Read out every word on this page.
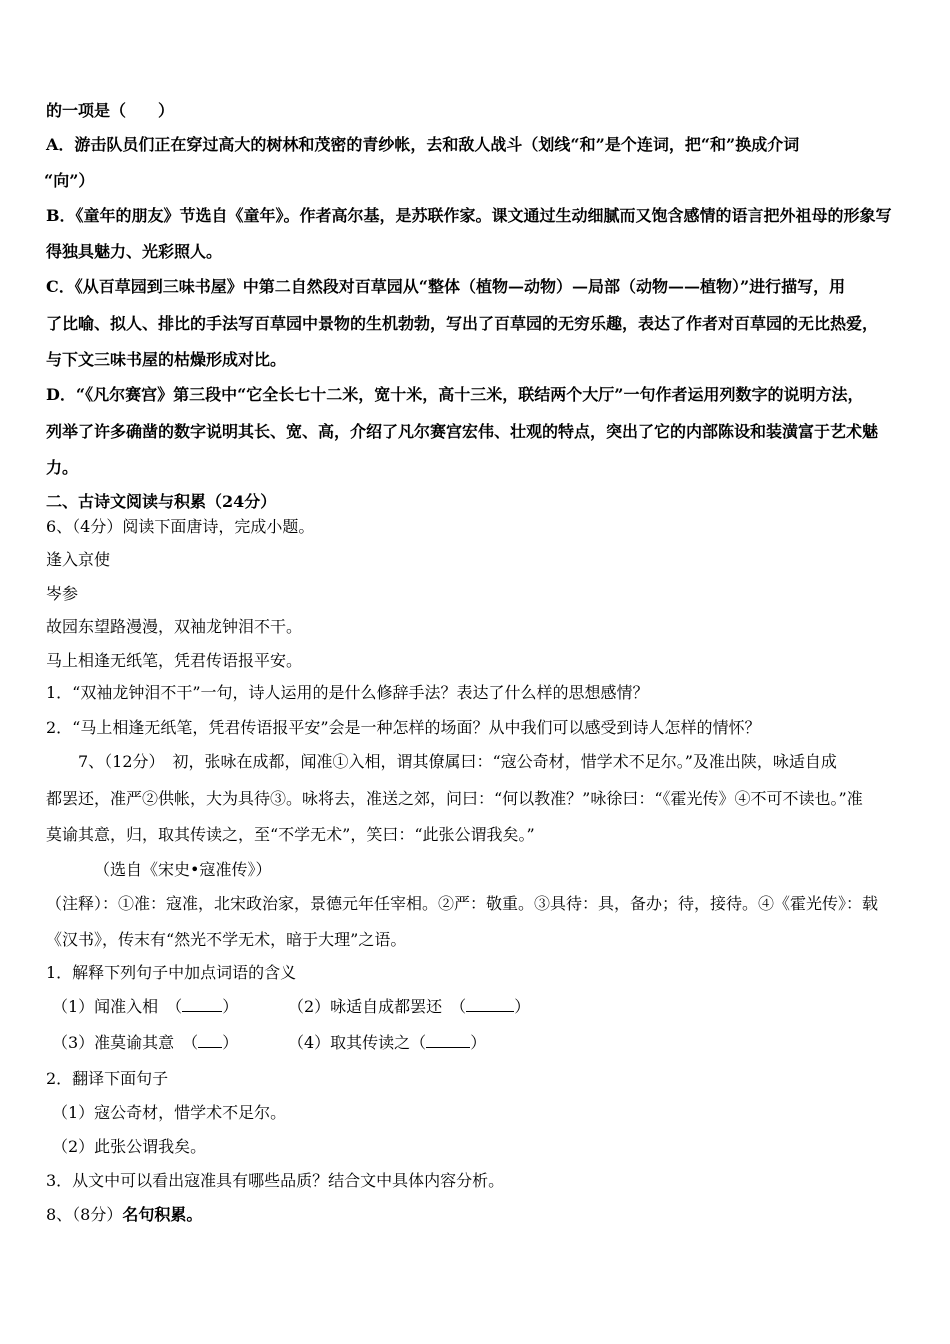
的一项是（　　）
A．游击队员们正在穿过高大的树林和茂密的青纱帐，去和敌人战斗（划线“和”是个连词，把“和”换成介词
“向”）
B．《童年的朋友》节选自《童年》。作者高尔基，是苏联作家。课文通过生动细腻而又饱含感情的语言把外祖母的形象写
得独具魅力、光彩照人。
C．《从百草园到三味书屋》中第二自然段对百草园从“整体（植物—动物）—局部（动物——植物）”进行描写，用
了比喻、拟人、排比的手法写百草园中景物的生机勃勃，写出了百草园的无穷乐趣，表达了作者对百草园的无比热爱，
与下文三味书屋的枯燥形成对比。
D．“《凡尔赛宫》第三段中“它全长七十二米，宽十米，高十三米，联结两个大厅”一句作者运用列数字的说明方法，
列举了许多确凿的数字说明其长、宽、高，介绍了凡尔赛宫宏伟、壮观的特点，突出了它的内部陈设和装潢富于艺术魅
力。
二、古诗文阅读与积累（24分）
6、（4分）阅读下面唐诗，完成小题。
逢入京使
岑参
故园东望路漫漫，双袖龙钟泪不干。
马上相逢无纸笔，凭君传语报平安。
1．“双袖龙钟泪不干”一句，诗人运用的是什么修辞手法？表达了什么样的思想感情？
2．“马上相逢无纸笔，凭君传语报平安”会是一种怎样的场面？从中我们可以感受到诗人怎样的情怀？
7、（12分）　初，张咏在成都，闻准①入相，谓其僚属曰：“寇公奇材，惜学术不足尔。”及准出陕，咏适自成
都罢还，准严②供帐，大为具待③。咏将去，准送之郊，问曰：“何以教准？”咏徐曰：“《霍光传》④不可不读也。”准
莫谕其意，归，取其传读之，至“不学无术”，笑曰：“此张公谓我矣。”
（选自《宋史•寇准传》）
（注释）：①准：寇准，北宋政治家，景德元年任宰相。②严：敬重。③具待：具，备办；待，接待。④《霍光传》：载
《汉书》，传末有“然光不学无术，暗于大理”之语。
1．解释下列句子中加点词语的含义
（1）闻准入相　（	）	（2）咏适自成都罢还　（	）
（3）准莫谕其意　（ ）	（4）取其传读之（	）
2．翻译下面句子
（1）寇公奇材，惜学术不足尔。
（2）此张公谓我矣。
3．从文中可以看出寇准具有哪些品质？结合文中具体内容分析。
8、（8分）名句积累。
